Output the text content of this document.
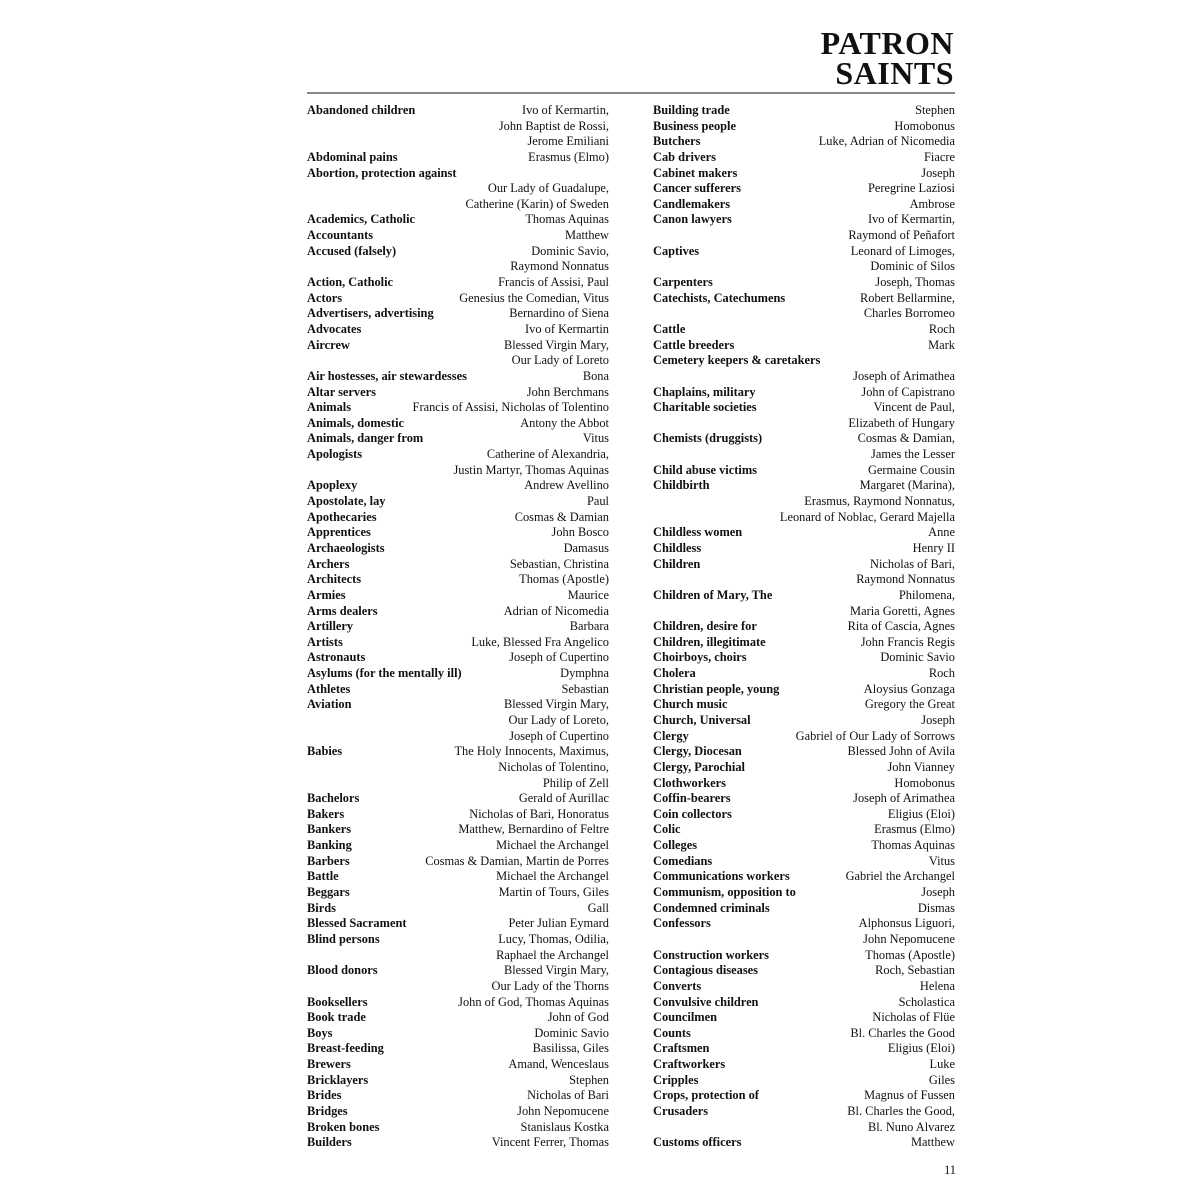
PATRON
SAINTS
Abandoned children	Ivo of Kermartin,
John Baptist de Rossi,
Jerome Emiliani
Abdominal pains	Erasmus (Elmo)
Abortion, protection against
Our Lady of Guadalupe,
Catherine (Karin) of Sweden
Academics, Catholic	Thomas Aquinas
Accountants	Matthew
Accused (falsely)	Dominic Savio,
Raymond Nonnatus
Action, Catholic	Francis of Assisi, Paul
Actors	Genesius the Comedian, Vitus
Advertisers, advertising	Bernardino of Siena
Advocates	Ivo of Kermartin
Aircrew	Blessed Virgin Mary,
Our Lady of Loreto
Air hostesses, air stewardesses	Bona
Altar servers	John Berchmans
Animals	Francis of Assisi, Nicholas of Tolentino
Animals, domestic	Antony the Abbot
Animals, danger from	Vitus
Apologists	Catherine of Alexandria,
Justin Martyr, Thomas Aquinas
Apoplexy	Andrew Avellino
Apostolate, lay	Paul
Apothecaries	Cosmas & Damian
Apprentices	John Bosco
Archaeologists	Damasus
Archers	Sebastian, Christina
Architects	Thomas (Apostle)
Armies	Maurice
Arms dealers	Adrian of Nicomedia
Artillery	Barbara
Artists	Luke, Blessed Fra Angelico
Astronauts	Joseph of Cupertino
Asylums (for the mentally ill)	Dymphna
Athletes	Sebastian
Aviation	Blessed Virgin Mary,
Our Lady of Loreto,
Joseph of Cupertino
Babies	The Holy Innocents, Maximus,
Nicholas of Tolentino,
Philip of Zell
Bachelors	Gerald of Aurillac
Bakers	Nicholas of Bari, Honoratus
Bankers	Matthew, Bernardino of Feltre
Banking	Michael the Archangel
Barbers	Cosmas & Damian, Martin de Porres
Battle	Michael the Archangel
Beggars	Martin of Tours, Giles
Birds	Gall
Blessed Sacrament	Peter Julian Eymard
Blind persons	Lucy, Thomas, Odilia,
Raphael the Archangel
Blood donors	Blessed Virgin Mary,
Our Lady of the Thorns
Booksellers	John of God, Thomas Aquinas
Book trade	John of God
Boys	Dominic Savio
Breast-feeding	Basilissa, Giles
Brewers	Amand, Wenceslaus
Bricklayers	Stephen
Brides	Nicholas of Bari
Bridges	John Nepomucene
Broken bones	Stanislaus Kostka
Builders	Vincent Ferrer, Thomas
Building trade	Stephen
Business people	Homobonus
Butchers	Luke, Adrian of Nicomedia
Cab drivers	Fiacre
Cabinet makers	Joseph
Cancer sufferers	Peregrine Laziosi
Candlemakers	Ambrose
Canon lawyers	Ivo of Kermartin,
Raymond of Peñafort
Captives	Leonard of Limoges,
Dominic of Silos
Carpenters	Joseph, Thomas
Catechists, Catechumens	Robert Bellarmine,
Charles Borromeo
Cattle	Roch
Cattle breeders	Mark
Cemetery keepers & caretakers
Joseph of Arimathea
Chaplains, military	John of Capistrano
Charitable societies	Vincent de Paul,
Elizabeth of Hungary
Chemists (druggists)	Cosmas & Damian,
James the Lesser
Child abuse victims	Germaine Cousin
Childbirth	Margaret (Marina),
Erasmus, Raymond Nonnatus,
Leonard of Noblac, Gerard Majella
Childless women	Anne
Childless	Henry II
Children	Nicholas of Bari,
Raymond Nonnatus
Children of Mary, The	Philomena,
Maria Goretti, Agnes
Children, desire for	Rita of Cascia, Agnes
Children, illegitimate	John Francis Regis
Choirboys, choirs	Dominic Savio
Cholera	Roch
Christian people, young	Aloysius Gonzaga
Church music	Gregory the Great
Church, Universal	Joseph
Clergy	Gabriel of Our Lady of Sorrows
Clergy, Diocesan	Blessed John of Avila
Clergy, Parochial	John Vianney
Clothworkers	Homobonus
Coffin-bearers	Joseph of Arimathea
Coin collectors	Eligius (Eloi)
Colic	Erasmus (Elmo)
Colleges	Thomas Aquinas
Comedians	Vitus
Communications workers	Gabriel the Archangel
Communism, opposition to	Joseph
Condemned criminals	Dismas
Confessors	Alphonsus Liguori,
John Nepomucene
Construction workers	Thomas (Apostle)
Contagious diseases	Roch, Sebastian
Converts	Helena
Convulsive children	Scholastica
Councilmen	Nicholas of Flüe
Counts	Bl. Charles the Good
Craftsmen	Eligius (Eloi)
Craftworkers	Luke
Cripples	Giles
Crops, protection of	Magnus of Fussen
Crusaders	Bl. Charles the Good,
Bl. Nuno Alvarez
Customs officers	Matthew
11
